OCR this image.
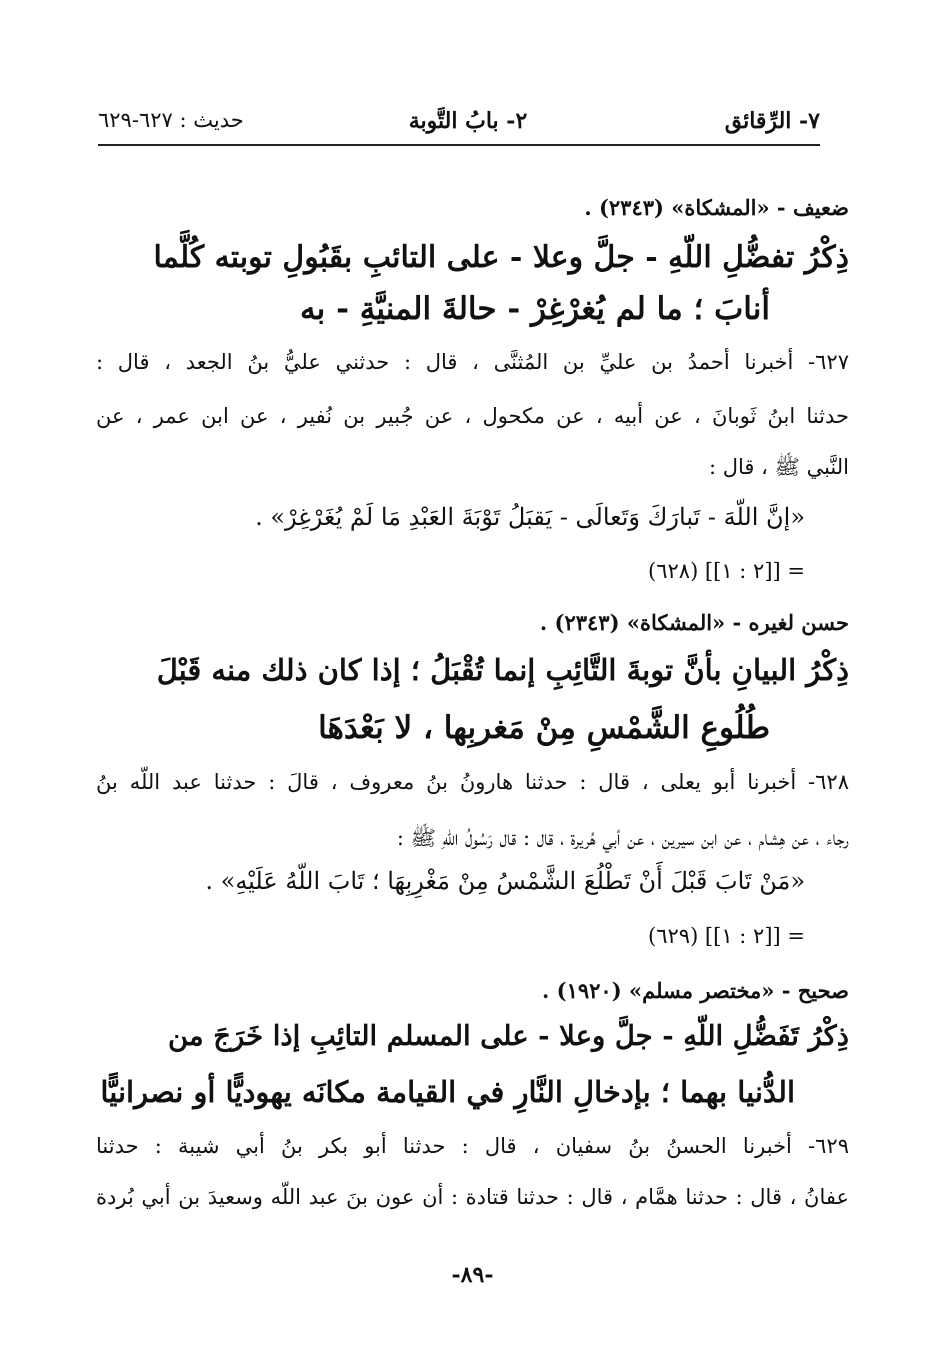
٧- الرِّقائق
٢- بابُ التَّوبة
حديث : ٦٢٧-٦٢٩
ضعيف - «المشكاة» (٢٣٤٣) .
ذِكْرُ تفضُّلِ اللّهِ - جلَّ وعلا - على التائبِ بقَبُولِ توبته كُلَّما
أنابَ ؛ ما لم يُغرْغِرْ - حالةَ المنيَّةِ - به
٦٢٧- أخبرنا أحمدُ بن عليِّ بن المُثنَّى ، قال : حدثني عليُّ بنُ الجعد ، قال :
حدثنا ابنُ ثَوبانَ ، عن أبيه ، عن مكحول ، عن جُبير بن نُفير ، عن ابن عمر ، عن
النَّبي ﷺ ، قال :
«إنَّ اللّهَ - تَبارَكَ وَتَعالَى - يَقبَلُ تَوْبَةَ العَبْدِ مَا لَمْ يُغَرْغِرْ» .
= [[٢ : ١]] (٦٢٨)
حسن لغيره - «المشكاة» (٢٣٤٣) .
ذِكْرُ البيانِ بأنَّ توبةَ التَّائِبِ إنما تُقْبَلُ ؛ إذا كان ذلك منه قَبْلَ
طُلُوعِ الشَّمْسِ مِنْ مَغربِها ، لا بَعْدَهَا
٦٢٨- أخبرنا أبو يعلى ، قال : حدثنا هارونُ بنُ معروف ، قالَ : حدثنا عبد اللّه بنُ
رجاء ، عن هِشام ، عن ابن سيرين ، عن أبي هُريرة ، قال : قال رَسُولُ اللّهِ ﷺ :
«مَنْ تَابَ قَبْلَ أَنْ تَطْلُعَ الشَّمْسُ مِنْ مَغْرِبِهَا ؛ تَابَ اللّهُ عَلَيْهِ» .
= [[٢ : ١]] (٦٢٩)
صحيح - «مختصر مسلم» (١٩٢٠) .
ذِكْرُ تَفَضُّلِ اللّهِ - جلَّ وعلا - على المسلم التائِبِ إذا خَرَجَ من
الدُّنيا بهما ؛ بإدخالِ النَّارِ في القيامة مكانَه يهوديًّا أو نصرانيًّا
٦٢٩- أخبرنا الحسنُ بنُ سفيان ، قال : حدثنا أبو بكر بنُ أبي شيبة : حدثنا
عفانُ ، قال : حدثنا همَّام ، قال : حدثنا قتادة : أن عون بنَ عبد اللّه وسعيدَ بن أبي بُردة
-٨٩-
